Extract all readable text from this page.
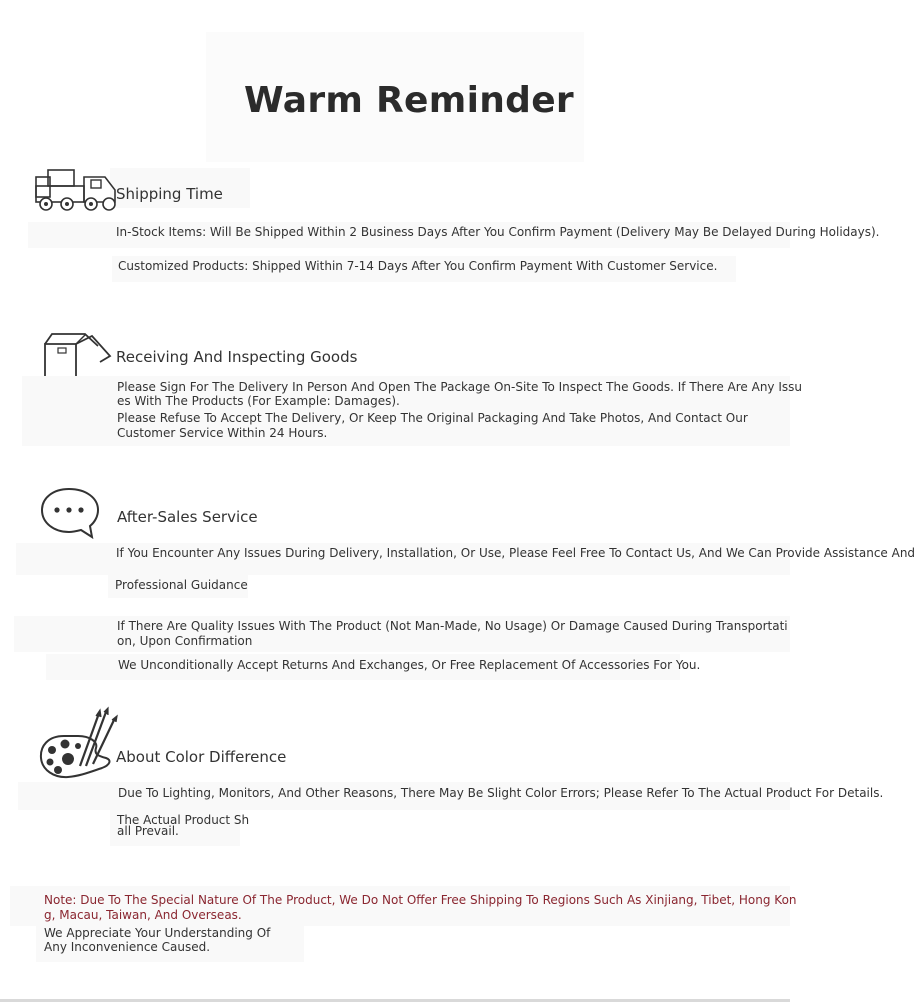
Warm Reminder
Shipping Time
In-Stock Items: Will Be Shipped Within 2 Business Days After You Confirm Payment (Delivery May Be Delayed During Holidays).
Customized Products: Shipped Within 7-14 Days After You Confirm Payment With Customer Service.
Receiving And Inspecting Goods
Please Sign For The Delivery In Person And Open The Package On-Site To Inspect The Goods. If There Are Any Issu
es With The Products (For Example: Damages).
Please Refuse To Accept The Delivery, Or Keep The Original Packaging And Take Photos, And Contact Our
Customer Service Within 24 Hours.
After-Sales Service
If You Encounter Any Issues During Delivery, Installation, Or Use, Please Feel Free To Contact Us, And We Can Provide Assistance And
Professional Guidance
If There Are Quality Issues With The Product (Not Man-Made, No Usage) Or Damage Caused During Transportati
on, Upon Confirmation
We Unconditionally Accept Returns And Exchanges, Or Free Replacement Of Accessories For You.
About Color Difference
Due To Lighting, Monitors, And Other Reasons, There May Be Slight Color Errors; Please Refer To The Actual Product For Details.
The Actual Product Sh
all Prevail.
Note: Due To The Special Nature Of The Product, We Do Not Offer Free Shipping To Regions Such As Xinjiang, Tibet, Hong Kon
g, Macau, Taiwan, And Overseas.
We Appreciate Your Understanding Of
Any Inconvenience Caused.
